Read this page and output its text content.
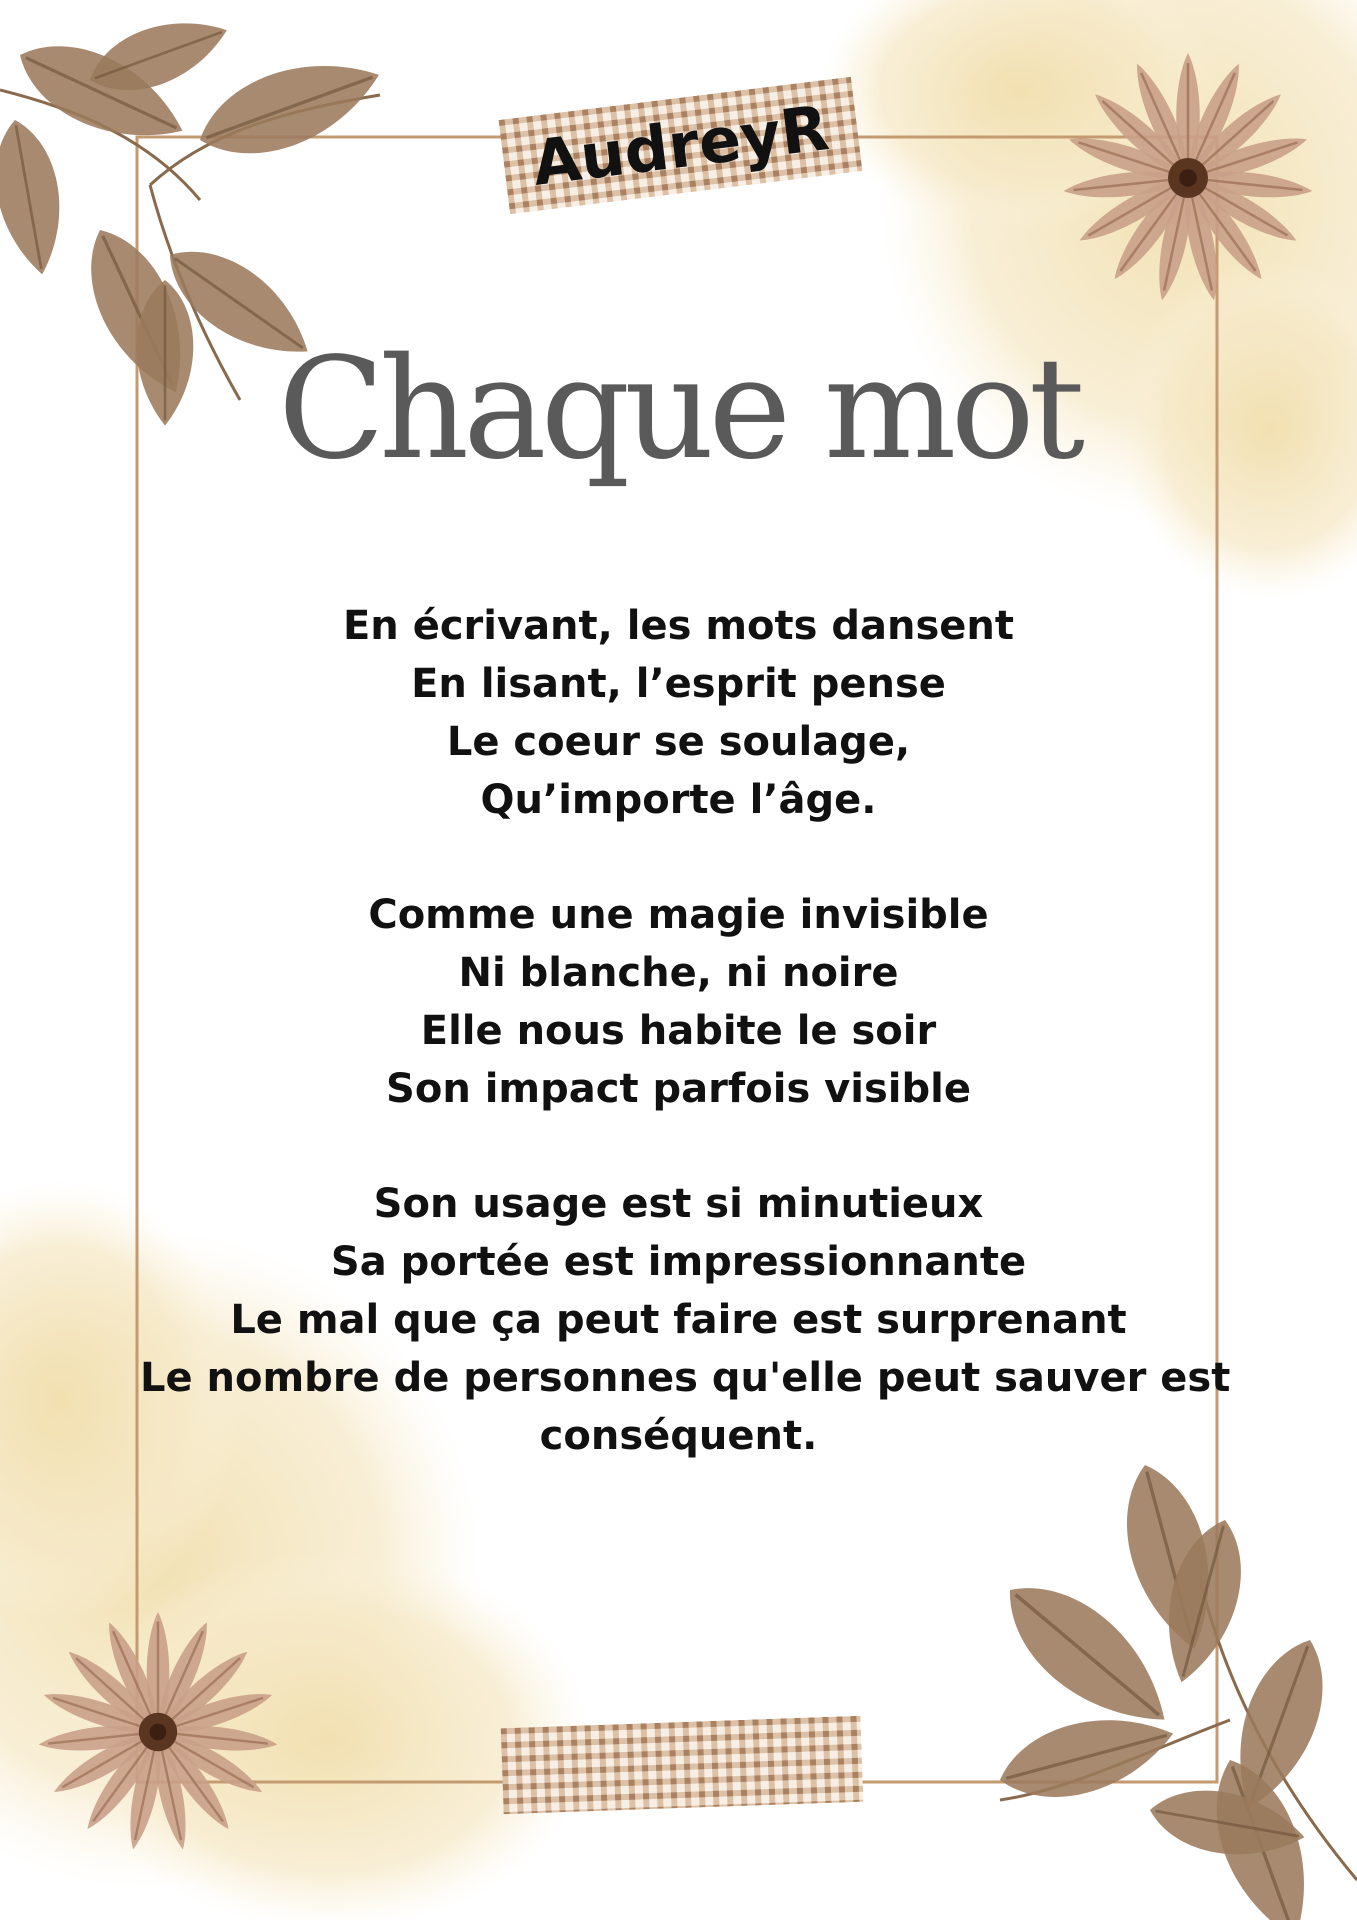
AudreyR
Chaque mot
En écrivant, les mots dansent
En lisant, l’esprit pense
Le coeur se soulage,
Qu’importe l’âge.
Comme une magie invisible
Ni blanche, ni noire
Elle nous habite le soir
Son impact parfois visible
Son usage est si minutieux
Sa portée est impressionnante
Le mal que ça peut faire est surprenant
Le nombre de personnes qu'elle peut sauver est
conséquent.
